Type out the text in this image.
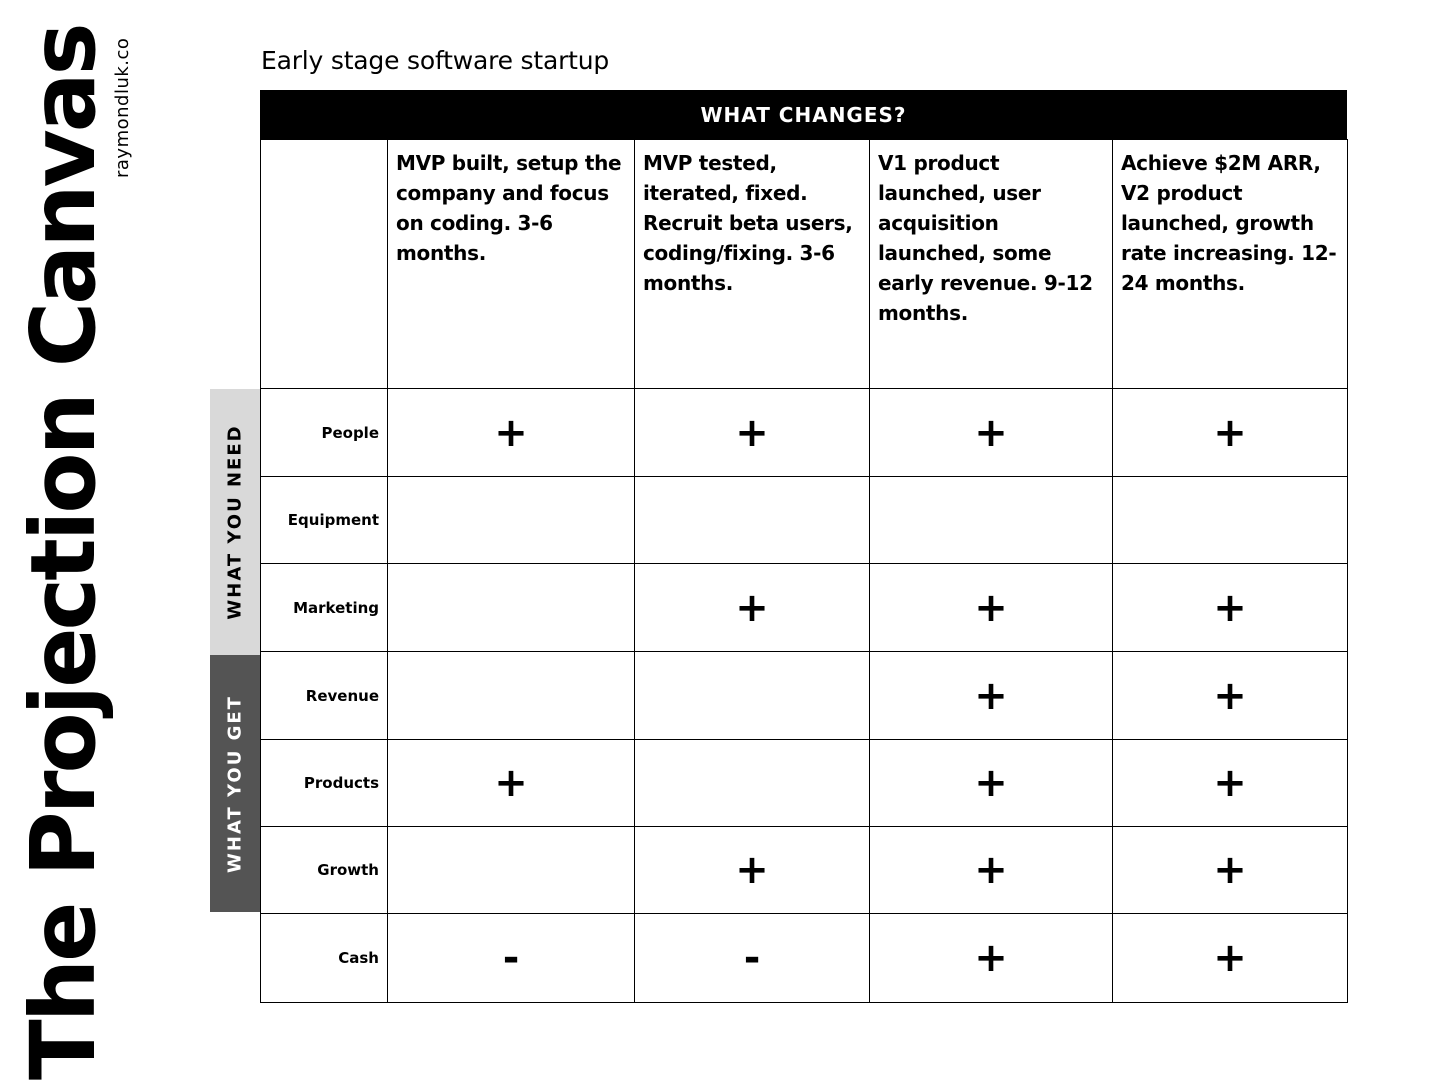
The Projection Canvas
raymondluk.co	Early stage software startup
WHAT YOU NEED
WHAT YOU GET
WHAT CHANGES?
	MVP built, setup the company and focus on coding. 3-6 months.	MVP tested, iterated, fixed. Recruit beta users, coding/fixing. 3-6 months.	V1 product launched, user acquisition launched, some early revenue. 9-12 months.	Achieve $2M ARR, V2 product launched, growth rate increasing. 12-24 months.
People	+	+	+	+
Equipment				
Marketing		+	+	+
Revenue			+	+
Products	+		+	+
Growth		+	+	+
Cash	-	-	+	+
